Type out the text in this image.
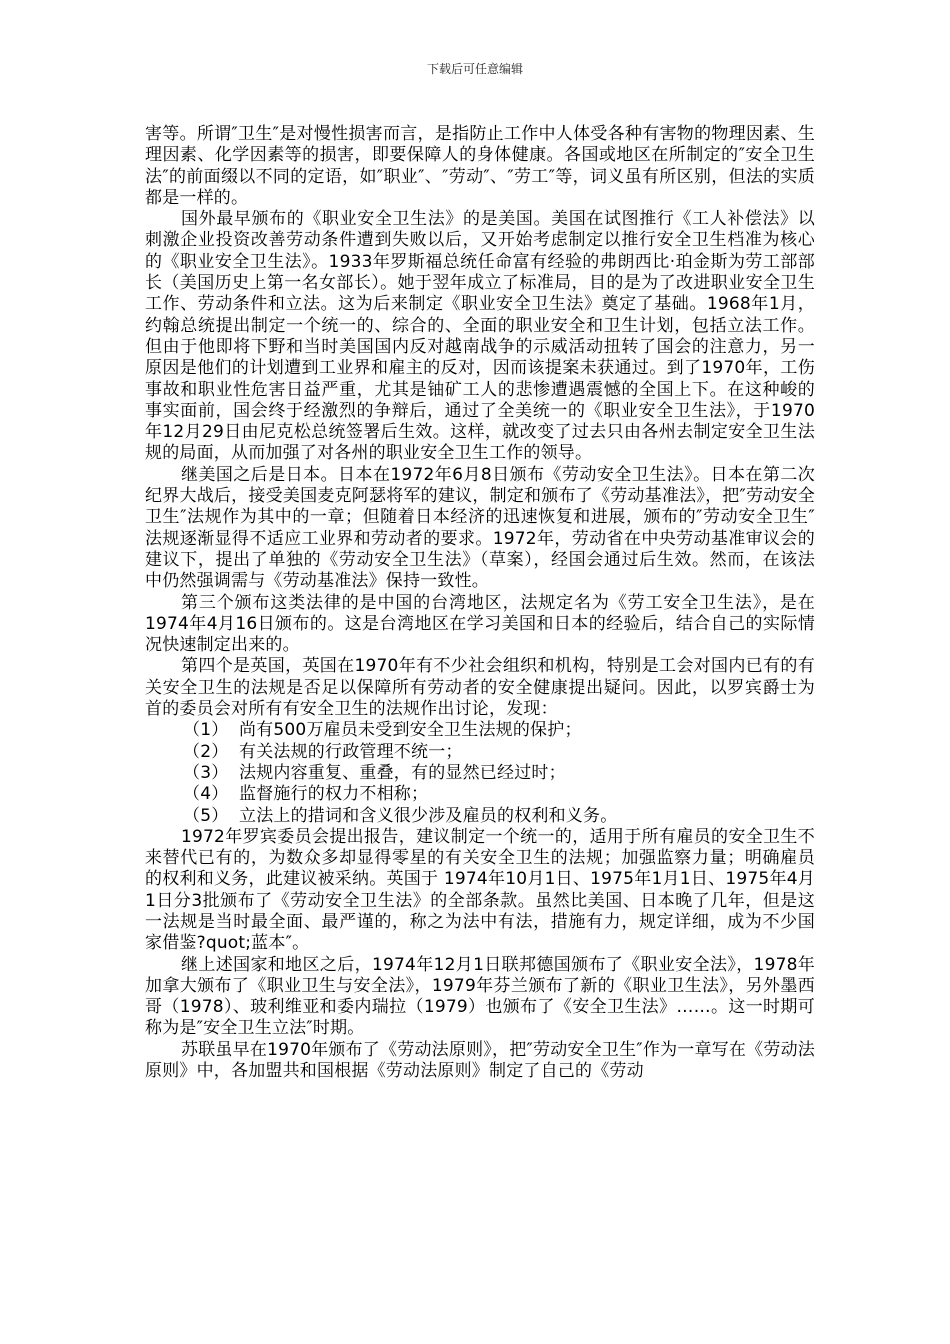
下载后可任意编辑

害等。所谓″卫生″是对慢性损害而言，是指防止工作中人体受各种有害物的物理因素、生理因素、化学因素等的损害，即要保障人的身体健康。各国或地区在所制定的″安全卫生法″的前面缀以不同的定语，如″职业″、″劳动″、″劳工″等，词义虽有所区别，但法的实质都是一样的。

国外最早颁布的《职业安全卫生法》的是美国。美国在试图推行《工人补偿法》以刺激企业投资改善劳动条件遭到失败以后，又开始考虑制定以推行安全卫生档准为核心的《职业安全卫生法》。1933年罗斯福总统任命富有经验的弗朗西比·珀金斯为劳工部部长（美国历史上第一名女部长）。她于翌年成立了标准局，目的是为了改进职业安全卫生工作、劳动条件和立法。这为后来制定《职业安全卫生法》奠定了基础。1968年1月，约翰总统提出制定一个统一的、综合的、全面的职业安全和卫生计划，包括立法工作。但由于他即将下野和当时美国国内反对越南战争的示威活动扭转了国会的注意力，另一原因是他们的计划遭到工业界和雇主的反对，因而该提案未获通过。到了1970年，工伤事故和职业性危害日益严重，尤其是铀矿工人的悲惨遭遇震憾的全国上下。在这种峻的事实面前，国会终于经激烈的争辩后，通过了全美统一的《职业安全卫生法》，于1970年12月29日由尼克松总统签署后生效。这样，就改变了过去只由各州去制定安全卫生法规的局面，从而加强了对各州的职业安全卫生工作的领导。

继美国之后是日本。日本在1972年6月8日颁布《劳动安全卫生法》。日本在第二次纪界大战后，接受美国麦克阿瑟将军的建议，制定和颁布了《劳动基准法》，把″劳动安全卫生″法规作为其中的一章；但随着日本经济的迅速恢复和进展，颁布的″劳动安全卫生″法规逐渐显得不适应工业界和劳动者的要求。1972年，劳动省在中央劳动基准审议会的建议下，提出了单独的《劳动安全卫生法》（草案），经国会通过后生效。然而，在该法中仍然强调需与《劳动基准法》保持一致性。

第三个颁布这类法律的是中国的台湾地区，法规定名为《劳工安全卫生法》，是在1974年4月16日颁布的。这是台湾地区在学习美国和日本的经验后，结合自己的实际情况快速制定出来的。

第四个是英国，英国在1970年有不少社会组织和机构，特别是工会对国内已有的有关安全卫生的法规是否足以保障所有劳动者的安全健康提出疑问。因此，以罗宾爵士为首的委员会对所有有安全卫生的法规作出讨论，发现：

（1） 尚有500万雇员未受到安全卫生法规的保护；
（2） 有关法规的行政管理不统一；
（3） 法规内容重复、重叠，有的显然已经过时；
（4） 监督施行的权力不相称；
（5） 立法上的措词和含义很少涉及雇员的权利和义务。

1972年罗宾委员会提出报告，建议制定一个统一的，适用于所有雇员的安全卫生不来替代已有的，为数众多却显得零星的有关安全卫生的法规；加强监察力量；明确雇员的权利和义务，此建议被采纳。英国于 1974年10月1日、1975年1月1日、1975年4月1日分3批颁布了《劳动安全卫生法》的全部条款。虽然比美国、日本晚了几年，但是这一法规是当时最全面、最严谨的，称之为法中有法，措施有力，规定详细，成为不少国家借鉴?quot;蓝本″。

继上述国家和地区之后，1974年12月1日联邦德国颁布了《职业安全法》，1978年加拿大颁布了《职业卫生与安全法》，1979年芬兰颁布了新的《职业卫生法》，另外墨西哥（1978）、玻利维亚和委内瑞拉（1979）也颁布了《安全卫生法》……。这一时期可称为是″安全卫生立法″时期。

苏联虽早在1970年颁布了《劳动法原则》，把″劳动安全卫生″作为一章写在《劳动法原则》中，各加盟共和国根据《劳动法原则》制定了自己的《劳动
